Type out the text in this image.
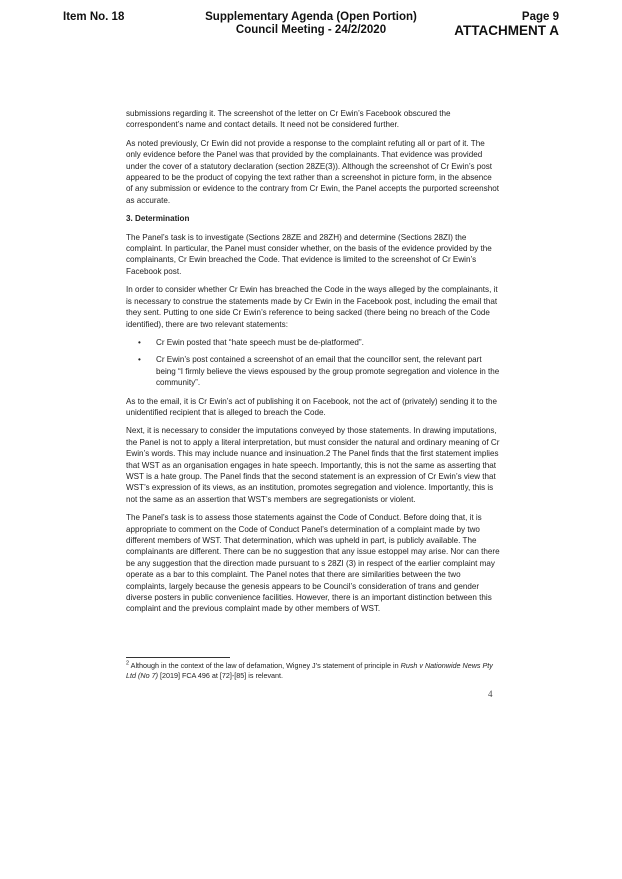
Item No. 18	Supplementary Agenda (Open Portion)
Council Meeting - 24/2/2020
Page 9
ATTACHMENT A

submissions regarding it. The screenshot of the letter on Cr Ewin’s Facebook obscured the correspondent’s name and contact details. It need not be considered further.

As noted previously, Cr Ewin did not provide a response to the complaint refuting all or part of it. The only evidence before the Panel was that provided by the complainants. That evidence was provided under the cover of a statutory declaration (section 28ZE(3)). Although the screenshot of Cr Ewin’s post appeared to be the product of copying the text rather than a screenshot in picture form, in the absence of any submission or evidence to the contrary from Cr Ewin, the Panel accepts the purported screenshot as accurate.

3. Determination

The Panel’s task is to investigate (Sections 28ZE and 28ZH) and determine (Sections 28ZI) the complaint. In particular, the Panel must consider whether, on the basis of the evidence provided by the complainants, Cr Ewin breached the Code. That evidence is limited to the screenshot of Cr Ewin’s Facebook post.

In order to consider whether Cr Ewin has breached the Code in the ways alleged by the complainants, it is necessary to construe the statements made by Cr Ewin in the Facebook post, including the email that they sent. Putting to one side Cr Ewin’s reference to being sacked (there being no breach of the Code identified), there are two relevant statements:

• Cr Ewin posted that “hate speech must be de-platformed”.
• Cr Ewin’s post contained a screenshot of an email that the councillor sent, the relevant part being “I firmly believe the views espoused by the group promote segregation and violence in the community”.

As to the email, it is Cr Ewin’s act of publishing it on Facebook, not the act of (privately) sending it to the unidentified recipient that is alleged to breach the Code.

Next, it is necessary to consider the imputations conveyed by those statements. In drawing imputations, the Panel is not to apply a literal interpretation, but must consider the natural and ordinary meaning of Cr Ewin’s words. This may include nuance and insinuation.2 The Panel finds that the first statement implies that WST as an organisation engages in hate speech. Importantly, this is not the same as asserting that WST is a hate group. The Panel finds that the second statement is an expression of Cr Ewin’s view that WST’s expression of its views, as an institution, promotes segregation and violence. Importantly, this is not the same as an assertion that WST’s members are segregationists or violent.

The Panel’s task is to assess those statements against the Code of Conduct. Before doing that, it is appropriate to comment on the Code of Conduct Panel’s determination of a complaint made by two different members of WST. That determination, which was upheld in part, is publicly available. The complainants are different. There can be no suggestion that any issue estoppel may arise. Nor can there be any suggestion that the direction made pursuant to s 28ZI (3) in respect of the earlier complaint may operate as a bar to this complaint. The Panel notes that there are similarities between the two complaints, largely because the genesis appears to be Council’s consideration of trans and gender diverse posters in public convenience facilities. However, there is an important distinction between this complaint and the previous complaint made by other members of WST.

$^2$ Although in the context of the law of defamation, Wigney J’s statement of principle in Rush v Nationwide News Pty Ltd (No 7) [2019] FCA 496 at [72]-[85] is relevant.
4
